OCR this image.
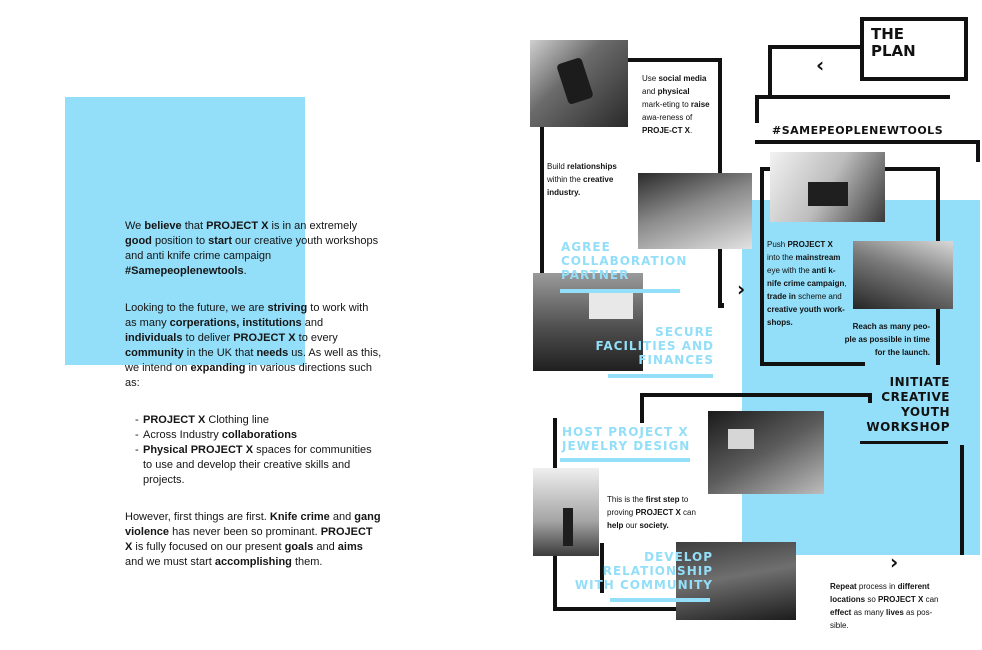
We believe that PROJECT X is in an extremely good position to start our creative youth workshops and anti knife crime campaign #Samepeoplenewtools.

Looking to the future, we are striving to work with as many corperations, institutions and individuals to deliver PROJECT X to every community in the UK that needs us. As well as this, we intend on expanding in various directions such as:

- PROJECT X Clothing line
- Across Industry collaborations
- Physical PROJECT X spaces for communities to use and develop their creative skills and projects.

However, first things are first. Knife crime and gang violence has never been so prominant. PROJECT X is fully focused on our present goals and aims and we must start accomplishing them.

THE PLAN
‹
#SAMEPEOPLENEWTOOLS
Use social media and physical mark-eting to raise awa-reness of PROJE-CT X.
Build relationships within the creative industry.
Push PROJECT X into the mainstream eye with the anti k-nife crime campaign, trade in scheme and creative youth work-shops.	Reach as many peo-ple as possible in time for the launch.
This is the first step to proving PROJECT X can help our society.
Repeat process in different locations so PROJECT X can effect as many lives as pos-sible.
AGREE COLLABORATION PARTNER
SECURE FACILITIES AND FINANCES
HOST PROJECT X JEWELRY DESIGN
DEVELOP RELATIONSHIP WITH COMMUNITY
INITIATE CREATIVE YOUTH WORKSHOP
›
›
